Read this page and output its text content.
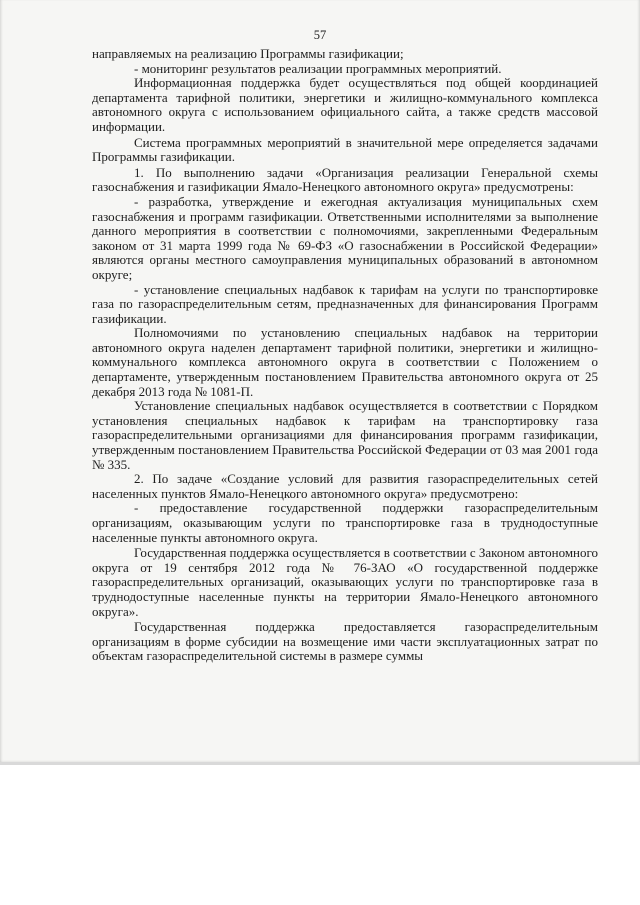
57

направляемых на реализацию Программы газификации;

- мониторинг результатов реализации программных мероприятий.

Информационная поддержка будет осуществляться под общей координацией департамента тарифной политики, энергетики и жилищно-коммунального комплекса автономного округа с использованием официального сайта, а также средств массовой информации.

Система программных мероприятий в значительной мере определяется задачами Программы газификации.

1. По выполнению задачи «Организация реализации Генеральной схемы газоснабжения и газификации Ямало-Ненецкого автономного округа» предусмотрены:

- разработка, утверждение и ежегодная актуализация муниципальных схем газоснабжения и программ газификации. Ответственными исполнителями за выполнение данного мероприятия в соответствии с полномочиями, закрепленными Федеральным законом от 31 марта 1999 года № 69-ФЗ «О газоснабжении в Российской Федерации» являются органы местного самоуправления муниципальных образований в автономном округе;

- установление специальных надбавок к тарифам на услуги по транспортировке газа по газораспределительным сетям, предназначенных для финансирования Программ газификации.

Полномочиями по установлению специальных надбавок на территории автономного округа наделен департамент тарифной политики, энергетики и жилищно-коммунального комплекса автономного округа в соответствии с Положением о департаменте, утвержденным постановлением Правительства автономного округа от 25 декабря 2013 года № 1081-П.

Установление специальных надбавок осуществляется в соответствии с Порядком установления специальных надбавок к тарифам на транспортировку газа газораспределительными организациями для финансирования программ газификации, утвержденным постановлением Правительства Российской Федерации от 03 мая 2001 года № 335.

2. По задаче «Создание условий для развития газораспределительных сетей населенных пунктов Ямало-Ненецкого автономного округа» предусмотрено:

- предоставление государственной поддержки газораспределительным организациям, оказывающим услуги по транспортировке газа в труднодоступные населенные пункты автономного округа.

Государственная поддержка осуществляется в соответствии с Законом автономного округа от 19 сентября 2012 года № 76-ЗАО «О государственной поддержке газораспределительных организаций, оказывающих услуги по транспортировке газа в труднодоступные населенные пункты на территории Ямало-Ненецкого автономного округа».

Государственная поддержка предоставляется газораспределительным организациям в форме субсидии на возмещение ими части эксплуатационных затрат по объектам газораспределительной системы в размере суммы
